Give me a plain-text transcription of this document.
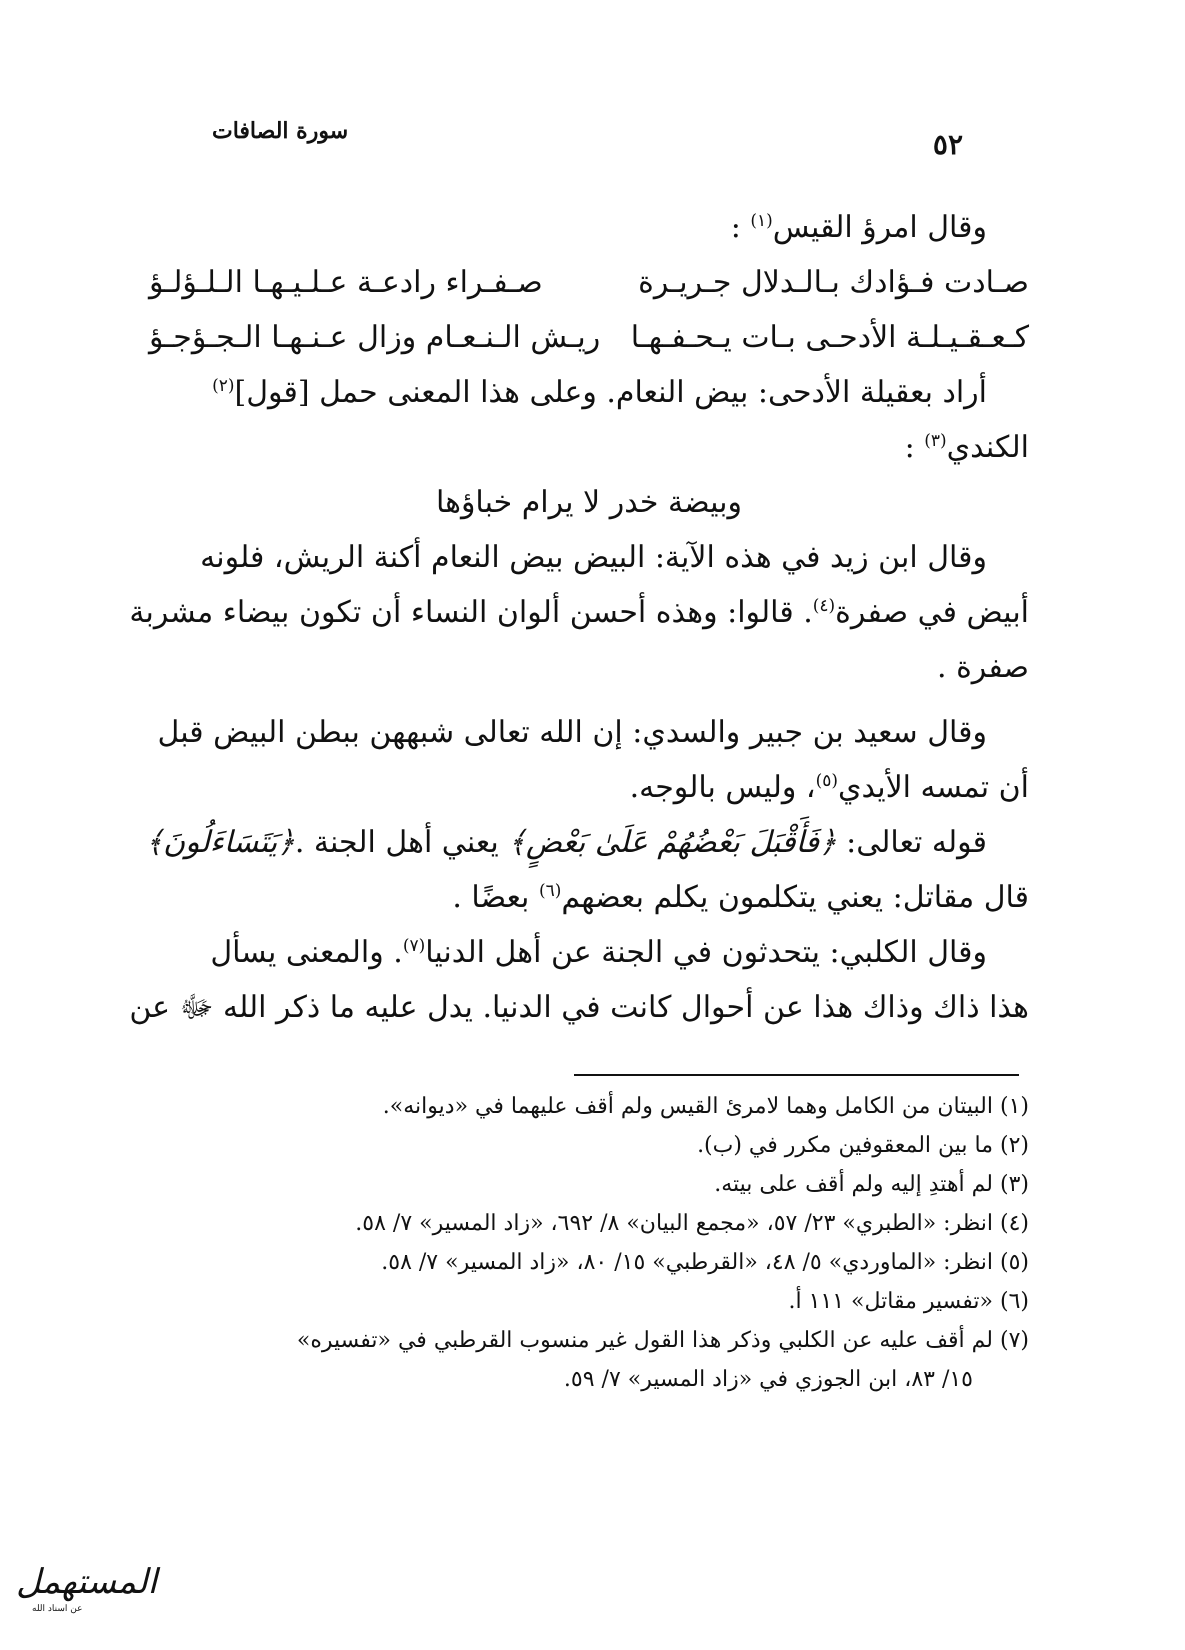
٥٢
سورة الصافات
وقال امرؤ القيس$^{(١)}$ :
صـادت فـؤادك بـالـدلال جـريـرة
صـفـراء رادعـة عـلـيـهـا الـلـؤلـؤ
كـعـقـيـلـة الأدحـى بـات يـحـفـهـا
ريـش الـنـعـام وزال عـنـهـا الـجـؤجـؤ
أراد بعقيلة الأدحى: بيض النعام. وعلى هذا المعنى حمل [قول]$^{(٢)}$
الكندي$^{(٣)}$ :
وبيضة خدر لا يرام خباؤها
وقال ابن زيد في هذه الآية: البيض بيض النعام أكنة الريش، فلونه
أبيض في صفرة$^{(٤)}$. قالوا: وهذه أحسن ألوان النساء أن تكون بيضاء مشربة
صفرة .
وقال سعيد بن جبير والسدي: إن الله تعالى شبههن ببطن البيض قبل
أن تمسه الأيدي$^{(٥)}$، وليس بالوجه.
قوله تعالى: ﴿فَأَقْبَلَ بَعْضُهُمْ عَلَىٰ بَعْضٍ﴾ يعني أهل الجنة .﴿يَتَسَاءَلُونَ﴾
قال مقاتل: يعني يتكلمون يكلم بعضهم$^{(٦)}$ بعضًا .
وقال الكلبي: يتحدثون في الجنة عن أهل الدنيا$^{(٧)}$. والمعنى يسأل
هذا ذاك وذاك هذا عن أحوال كانت في الدنيا. يدل عليه ما ذكر الله ﷻ عن
(١) البيتان من الكامل وهما لامرئ القيس ولم أقف عليهما في «ديوانه».
(٢) ما بين المعقوفين مكرر في (ب).
(٣) لم أهتدِ إليه ولم أقف على بيته.
(٤) انظر: «الطبري» ٢٣/ ٥٧، «مجمع البيان» ٨/ ٦٩٢، «زاد المسير» ٧/ ٥٨.
(٥) انظر: «الماوردي» ٥/ ٤٨، «القرطبي» ١٥/ ٨٠، «زاد المسير» ٧/ ٥٨.
(٦) «تفسير مقاتل» ١١١ أ.
(٧) لم أقف عليه عن الكلبي وذكر هذا القول غير منسوب القرطبي في «تفسيره»
١٥/ ٨٣، ابن الجوزي في «زاد المسير» ٧/ ٥٩.
المستهمل
عن اسناد الله
